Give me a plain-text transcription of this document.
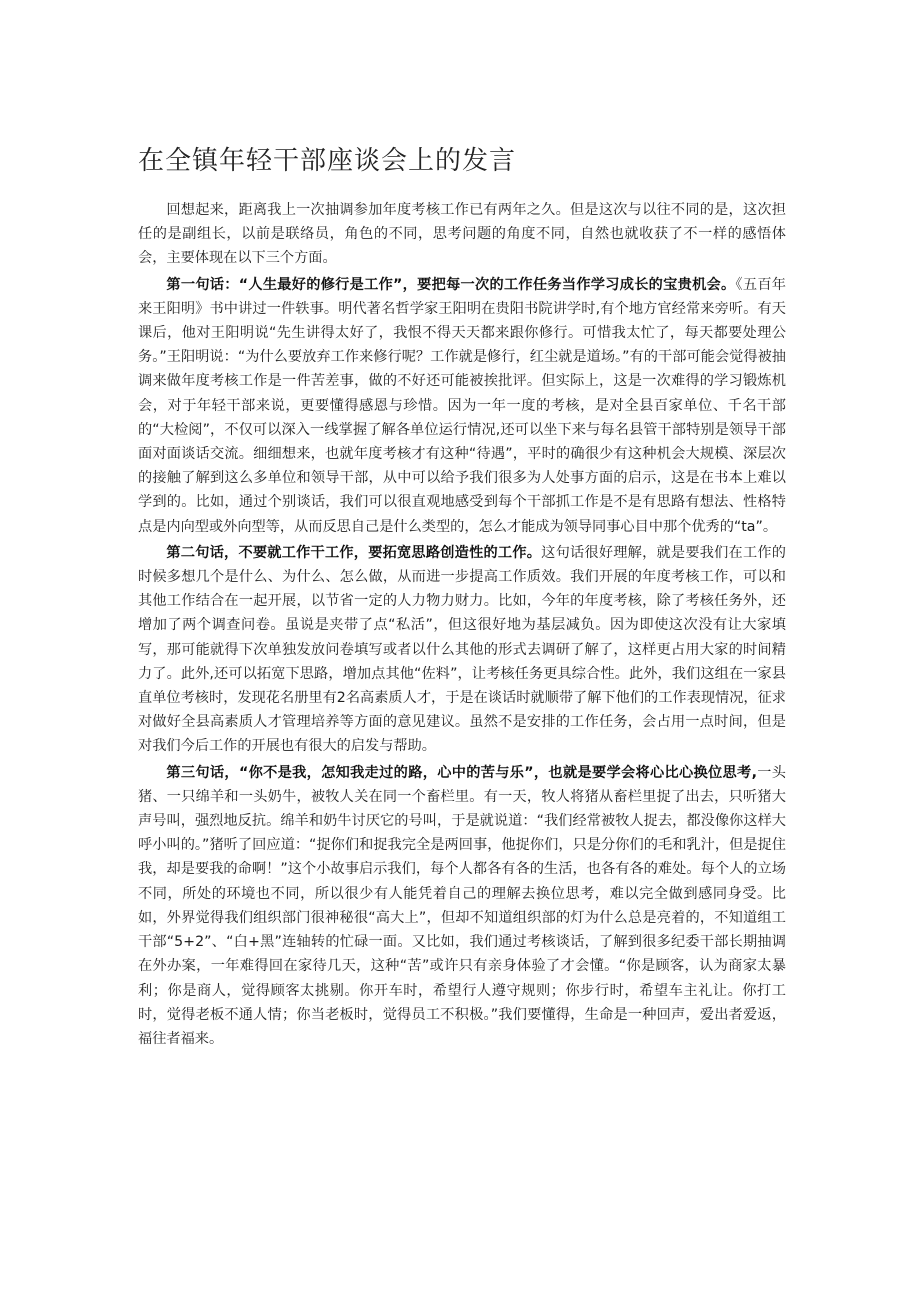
在全镇年轻干部座谈会上的发言

回想起来，距离我上一次抽调参加年度考核工作已有两年之久。但是这次与以往不同的是，这次担任的是副组长，以前是联络员，角色的不同，思考问题的角度不同，自然也就收获了不一样的感悟体会，主要体现在以下三个方面。

第一句话：“人生最好的修行是工作”，要把每一次的工作任务当作学习成长的宝贵机会。《五百年来王阳明》书中讲过一件轶事。明代著名哲学家王阳明在贵阳书院讲学时,有个地方官经常来旁听。有天课后，他对王阳明说“先生讲得太好了，我恨不得天天都来跟你修行。可惜我太忙了，每天都要处理公务。”王阳明说：“为什么要放弃工作来修行呢？工作就是修行，红尘就是道场。”有的干部可能会觉得被抽调来做年度考核工作是一件苦差事，做的不好还可能被挨批评。但实际上，这是一次难得的学习锻炼机会，对于年轻干部来说，更要懂得感恩与珍惜。因为一年一度的考核，是对全县百家单位、千名干部的“大检阅”，不仅可以深入一线掌握了解各单位运行情况,还可以坐下来与每名县管干部特别是领导干部面对面谈话交流。细细想来，也就年度考核才有这种“待遇”，平时的确很少有这种机会大规模、深层次的接触了解到这么多单位和领导干部，从中可以给予我们很多为人处事方面的启示，这是在书本上难以学到的。比如，通过个别谈话，我们可以很直观地感受到每个干部抓工作是不是有思路有想法、性格特点是内向型或外向型等，从而反思自己是什么类型的，怎么才能成为领导同事心目中那个优秀的“ta”。

第二句话，不要就工作干工作，要拓宽思路创造性的工作。这句话很好理解，就是要我们在工作的时候多想几个是什么、为什么、怎么做，从而进一步提高工作质效。我们开展的年度考核工作，可以和其他工作结合在一起开展，以节省一定的人力物力财力。比如，今年的年度考核，除了考核任务外，还增加了两个调查问卷。虽说是夹带了点“私活”，但这很好地为基层减负。因为即使这次没有让大家填写，那可能就得下次单独发放问卷填写或者以什么其他的形式去调研了解了，这样更占用大家的时间精力了。此外,还可以拓宽下思路，增加点其他“佐料”，让考核任务更具综合性。此外，我们这组在一家县直单位考核时，发现花名册里有2名高素质人才，于是在谈话时就顺带了解下他们的工作表现情况，征求对做好全县高素质人才管理培养等方面的意见建议。虽然不是安排的工作任务，会占用一点时间，但是对我们今后工作的开展也有很大的启发与帮助。

第三句话，“你不是我，怎知我走过的路，心中的苦与乐”，也就是要学会将心比心换位思考,一头猪、一只绵羊和一头奶牛，被牧人关在同一个畜栏里。有一天，牧人将猪从畜栏里捉了出去，只听猪大声号叫，强烈地反抗。绵羊和奶牛讨厌它的号叫，于是就说道：“我们经常被牧人捉去，都没像你这样大呼小叫的。”猪听了回应道：“捉你们和捉我完全是两回事，他捉你们，只是分你们的毛和乳汁，但是捉住我，却是要我的命啊！”这个小故事启示我们，每个人都各有各的生活，也各有各的难处。每个人的立场不同，所处的环境也不同，所以很少有人能凭着自己的理解去换位思考，难以完全做到感同身受。比如，外界觉得我们组织部门很神秘很“高大上”，但却不知道组织部的灯为什么总是亮着的，不知道组工干部“5+2”、“白+黑”连轴转的忙碌一面。又比如，我们通过考核谈话，了解到很多纪委干部长期抽调在外办案，一年难得回在家待几天，这种“苦”或许只有亲身体验了才会懂。“你是顾客，认为商家太暴利；你是商人，觉得顾客太挑剔。你开车时，希望行人遵守规则；你步行时，希望车主礼让。你打工时，觉得老板不通人情；你当老板时，觉得员工不积极。”我们要懂得，生命是一种回声，爱出者爱返，福往者福来。
